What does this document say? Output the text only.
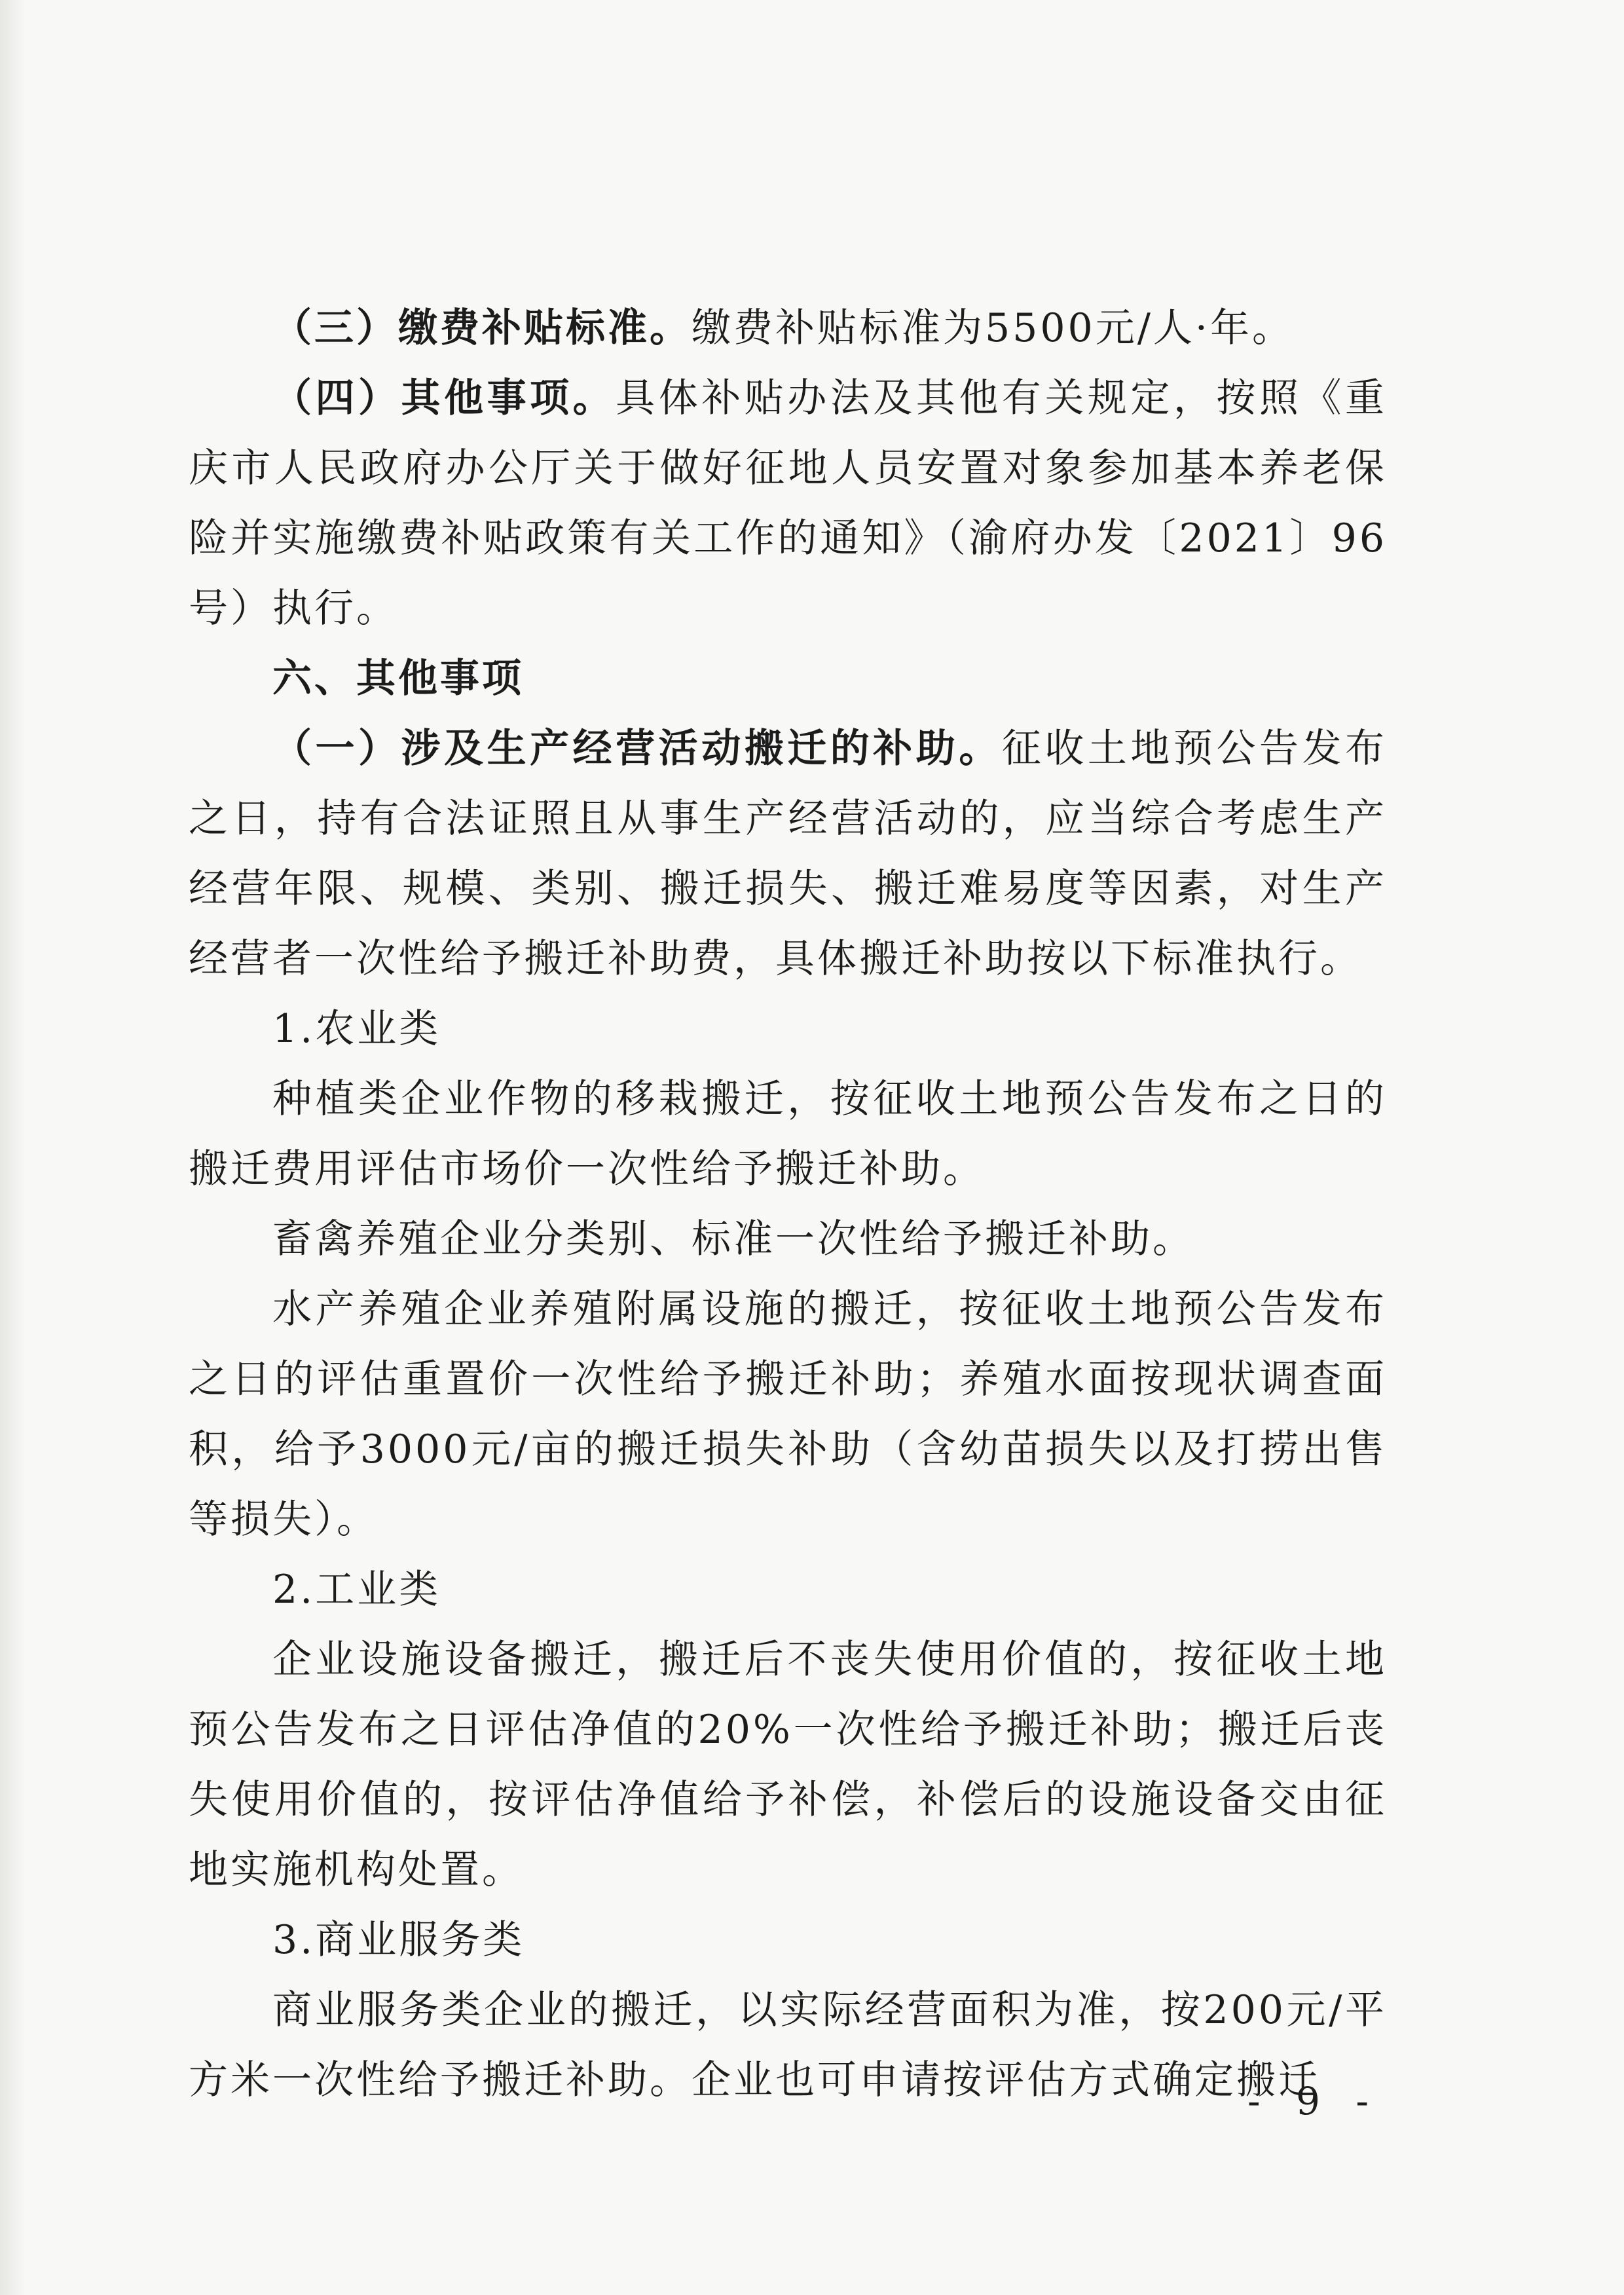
（三）缴费补贴标准。缴费补贴标准为5500元/人·年。

（四）其他事项。具体补贴办法及其他有关规定，按照《重庆市人民政府办公厅关于做好征地人员安置对象参加基本养老保险并实施缴费补贴政策有关工作的通知》（渝府办发〔2021〕96号）执行。

六、其他事项

（一）涉及生产经营活动搬迁的补助。征收土地预公告发布之日，持有合法证照且从事生产经营活动的，应当综合考虑生产经营年限、规模、类别、搬迁损失、搬迁难易度等因素，对生产经营者一次性给予搬迁补助费，具体搬迁补助按以下标准执行。

1.农业类

种植类企业作物的移栽搬迁，按征收土地预公告发布之日的搬迁费用评估市场价一次性给予搬迁补助。

畜禽养殖企业分类别、标准一次性给予搬迁补助。

水产养殖企业养殖附属设施的搬迁，按征收土地预公告发布之日的评估重置价一次性给予搬迁补助；养殖水面按现状调查面积，给予3000元/亩的搬迁损失补助（含幼苗损失以及打捞出售等损失）。

2.工业类

企业设施设备搬迁，搬迁后不丧失使用价值的，按征收土地预公告发布之日评估净值的20%一次性给予搬迁补助；搬迁后丧失使用价值的，按评估净值给予补偿，补偿后的设施设备交由征地实施机构处置。

3.商业服务类

商业服务类企业的搬迁，以实际经营面积为准，按200元/平方米一次性给予搬迁补助。企业也可申请按评估方式确定搬迁

- 9 -
